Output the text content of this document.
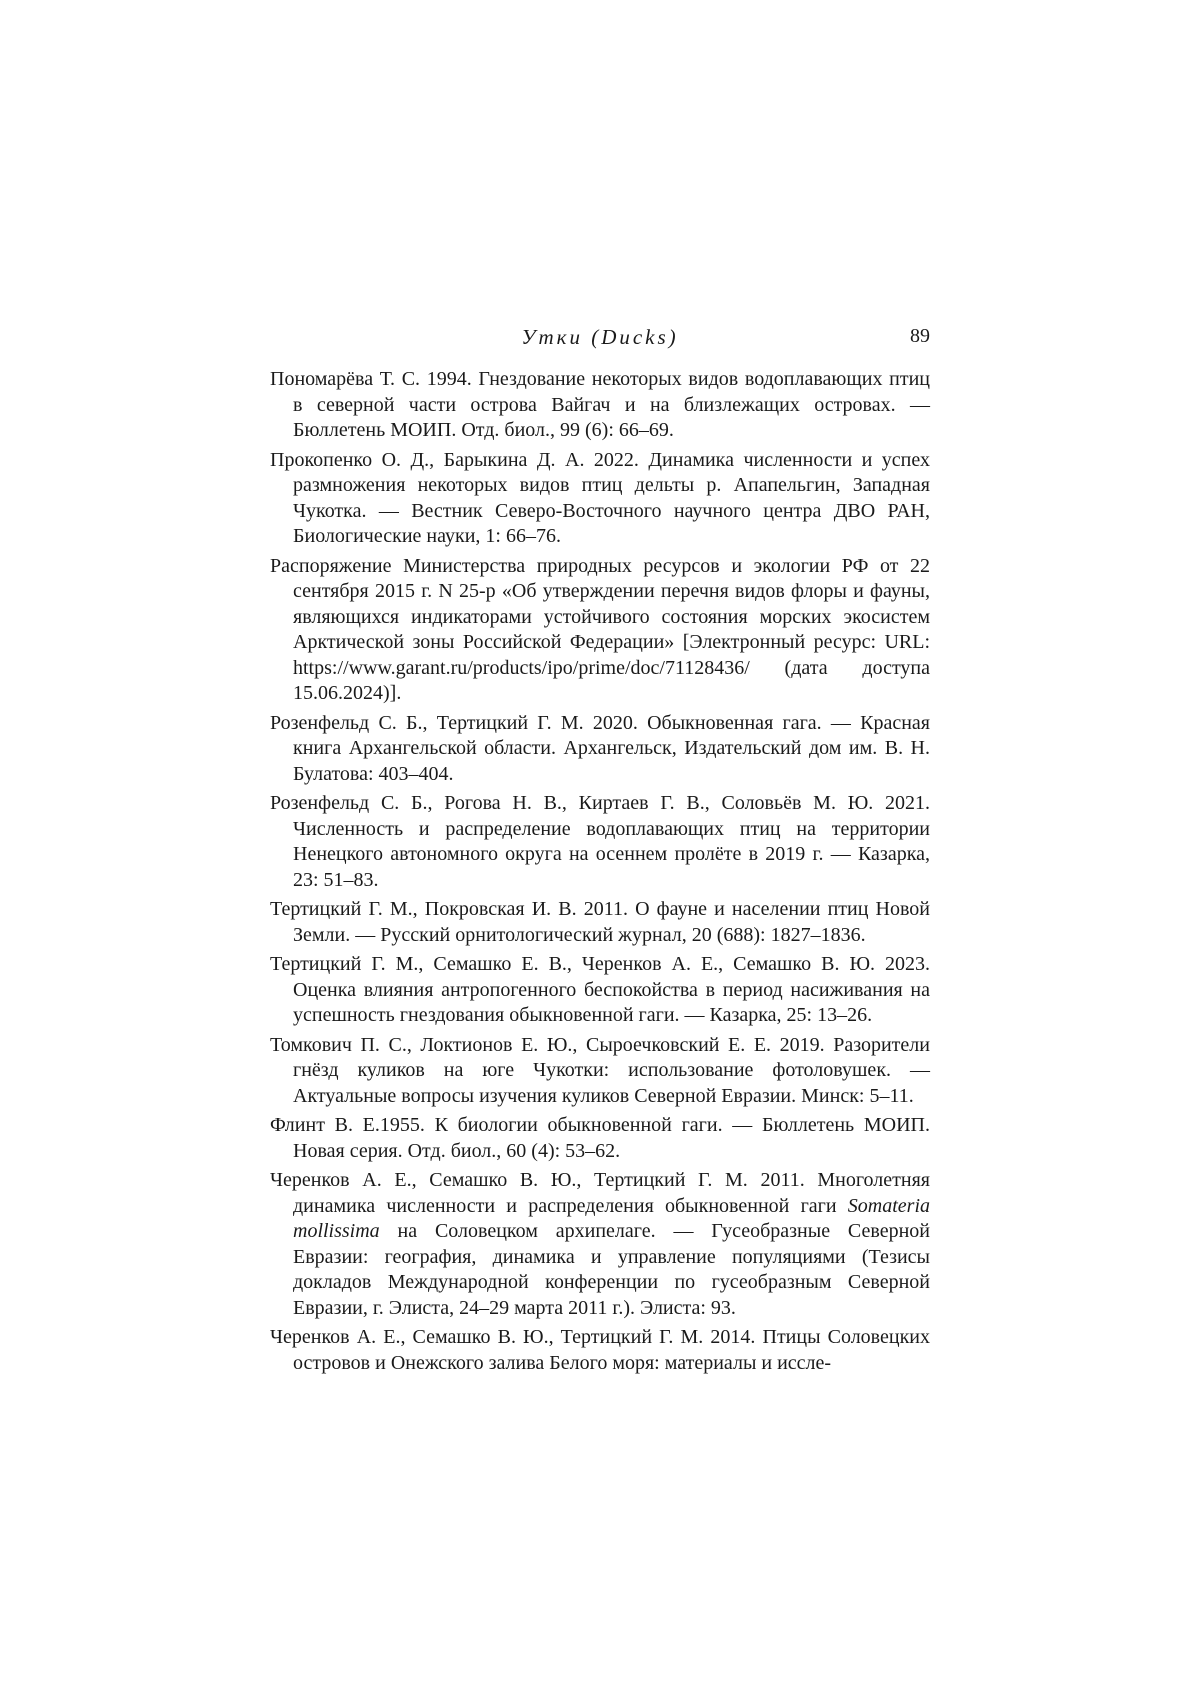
Утки (Ducks)	89
Пономарёва Т. С. 1994. Гнездование некоторых видов водоплавающих птиц в северной части острова Вайгач и на близлежащих островах. — Бюллетень МОИП. Отд. биол., 99 (6): 66–69.
Прокопенко О. Д., Барыкина Д. А. 2022. Динамика численности и успех размножения некоторых видов птиц дельты р. Апапельгин, Западная Чукотка. — Вестник Северо-Восточного научного центра ДВО РАН, Биологические науки, 1: 66–76.
Распоряжение Министерства природных ресурсов и экологии РФ от 22 сентября 2015 г. N 25-р «Об утверждении перечня видов флоры и фауны, являющихся индикаторами устойчивого состояния морских экосистем Арктической зоны Российской Федерации» [Электронный ресурс: URL: https://www.garant.ru/products/ipo/prime/doc/71128436/ (дата доступа 15.06.2024)].
Розенфельд С. Б., Тертицкий Г. М. 2020. Обыкновенная гага. — Красная книга Архангельской области. Архангельск, Издательский дом им. В. Н. Булатова: 403–404.
Розенфельд С. Б., Рогова Н. В., Киртаев Г. В., Соловьёв М. Ю. 2021. Численность и распределение водоплавающих птиц на территории Ненецкого автономного округа на осеннем пролёте в 2019 г. — Казарка, 23: 51–83.
Тертицкий Г. М., Покровская И. В. 2011. О фауне и населении птиц Новой Земли. — Русский орнитологический журнал, 20 (688): 1827–1836.
Тертицкий Г. М., Семашко Е. В., Черенков А. Е., Семашко В. Ю. 2023. Оценка влияния антропогенного беспокойства в период насиживания на успешность гнездования обыкновенной гаги. — Казарка, 25: 13–26.
Томкович П. С., Локтионов Е. Ю., Сыроечковский Е. Е. 2019. Разорители гнёзд куликов на юге Чукотки: использование фотоловушек. — Актуальные вопросы изучения куликов Северной Евразии. Минск: 5–11.
Флинт В. Е.1955. К биологии обыкновенной гаги. — Бюллетень МОИП. Новая серия. Отд. биол., 60 (4): 53–62.
Черенков А. Е., Семашко В. Ю., Тертицкий Г. М. 2011. Многолетняя динамика численности и распределения обыкновенной гаги Somateria mollissima на Соловецком архипелаге. — Гусеобразные Северной Евразии: география, динамика и управление популяциями (Тезисы докладов Международной конференции по гусеобразным Северной Евразии, г. Элиста, 24–29 марта 2011 г.). Элиста: 93.
Черенков А. Е., Семашко В. Ю., Тертицкий Г. М. 2014. Птицы Соловецких островов и Онежского залива Белого моря: материалы и иссле-
